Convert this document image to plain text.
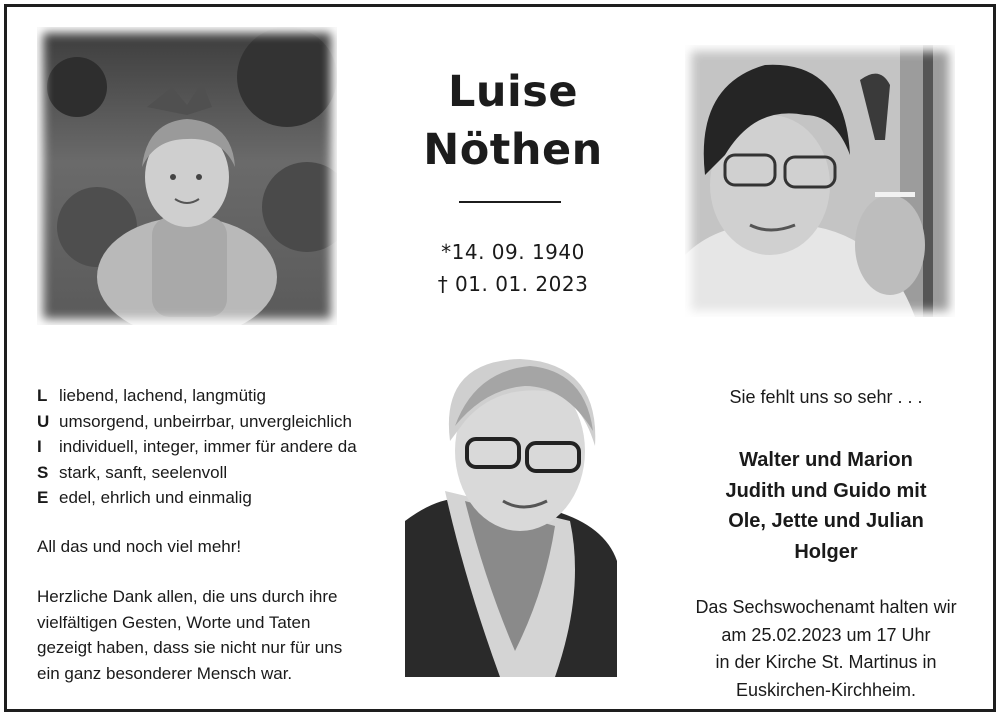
Luise
Nöthen
*14. 09. 1940
† 01. 01. 2023
L liebend, lachend, langmütig
U umsorgend, unbeirrbar, unvergleichlich
I	individuell, integer, immer für andere da
S stark, sanft, seelenvoll
E edel, ehrlich und einmalig
All das und noch viel mehr!
Herzliche Dank allen, die uns durch ihre
vielfältigen Gesten, Worte und Taten
gezeigt haben, dass sie nicht nur für uns
ein ganz besonderer Mensch war.
Sie fehlt uns so sehr . . .
Walter und Marion
Judith und Guido mit
Ole, Jette und Julian
Holger
Das Sechswochenamt halten wir
am 25.02.2023 um 17 Uhr
in der Kirche St. Martinus in
Euskirchen-Kirchheim.
